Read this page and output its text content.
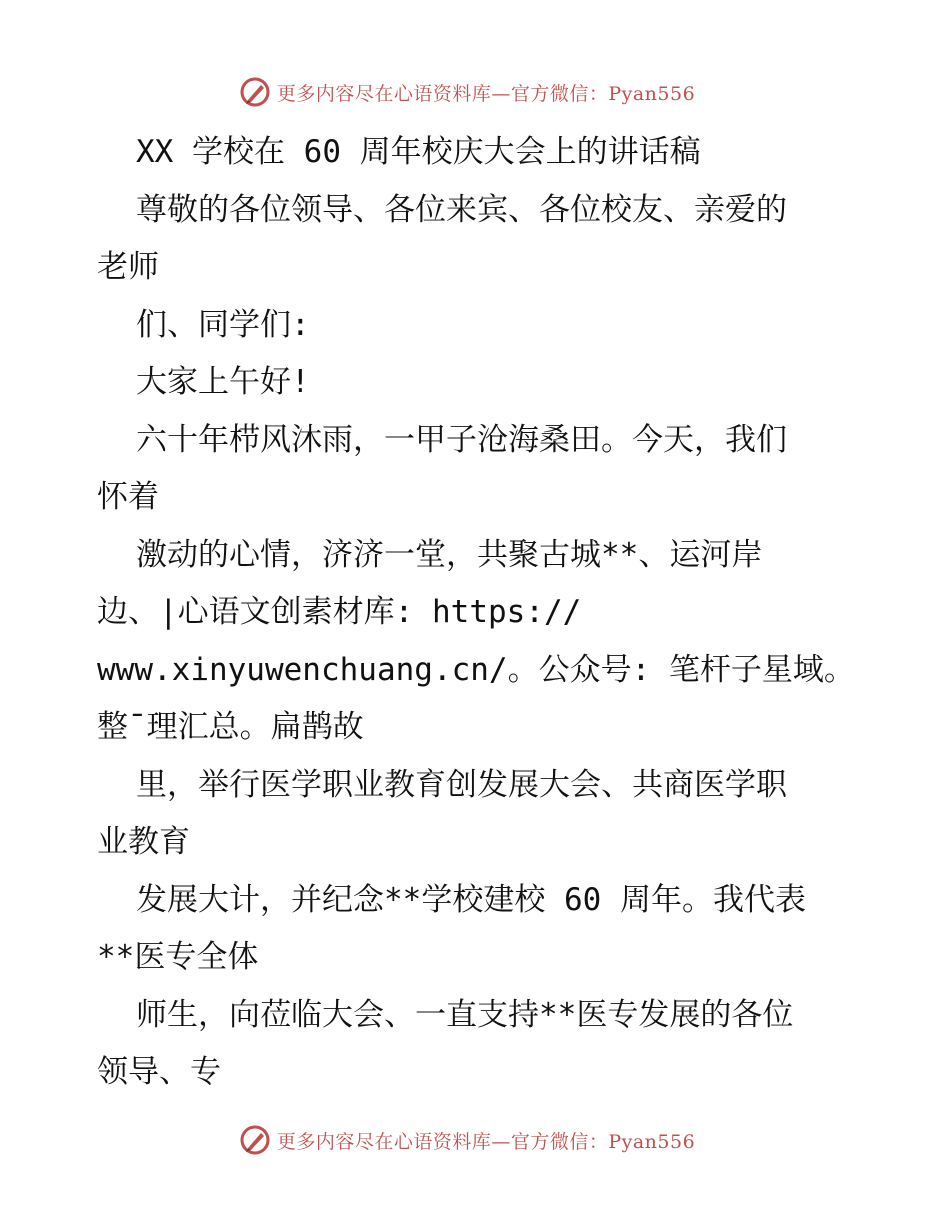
更多内容尽在心语资料库—官方微信：Pyan556
XX 学校在 60 周年校庆大会上的讲话稿
尊敬的各位领导、各位来宾、各位校友、亲爱的
老师
们、同学们:
大家上午好!
六十年栉风沐雨，一甲子沧海桑田。今天，我们
怀着
激动的心情，济济一堂，共聚古城**、运河岸
边、|心语文创素材库: https://
www.xinyuwenchuang.cn/。公众号: 笔杆子星域。
整¯理汇总。扁鹊故
里，举行医学职业教育创发展大会、共商医学职
业教育
发展大计，并纪念**学校建校 60 周年。我代表
**医专全体
师生，向莅临大会、一直支持**医专发展的各位
领导、专
更多内容尽在心语资料库—官方微信：Pyan556
